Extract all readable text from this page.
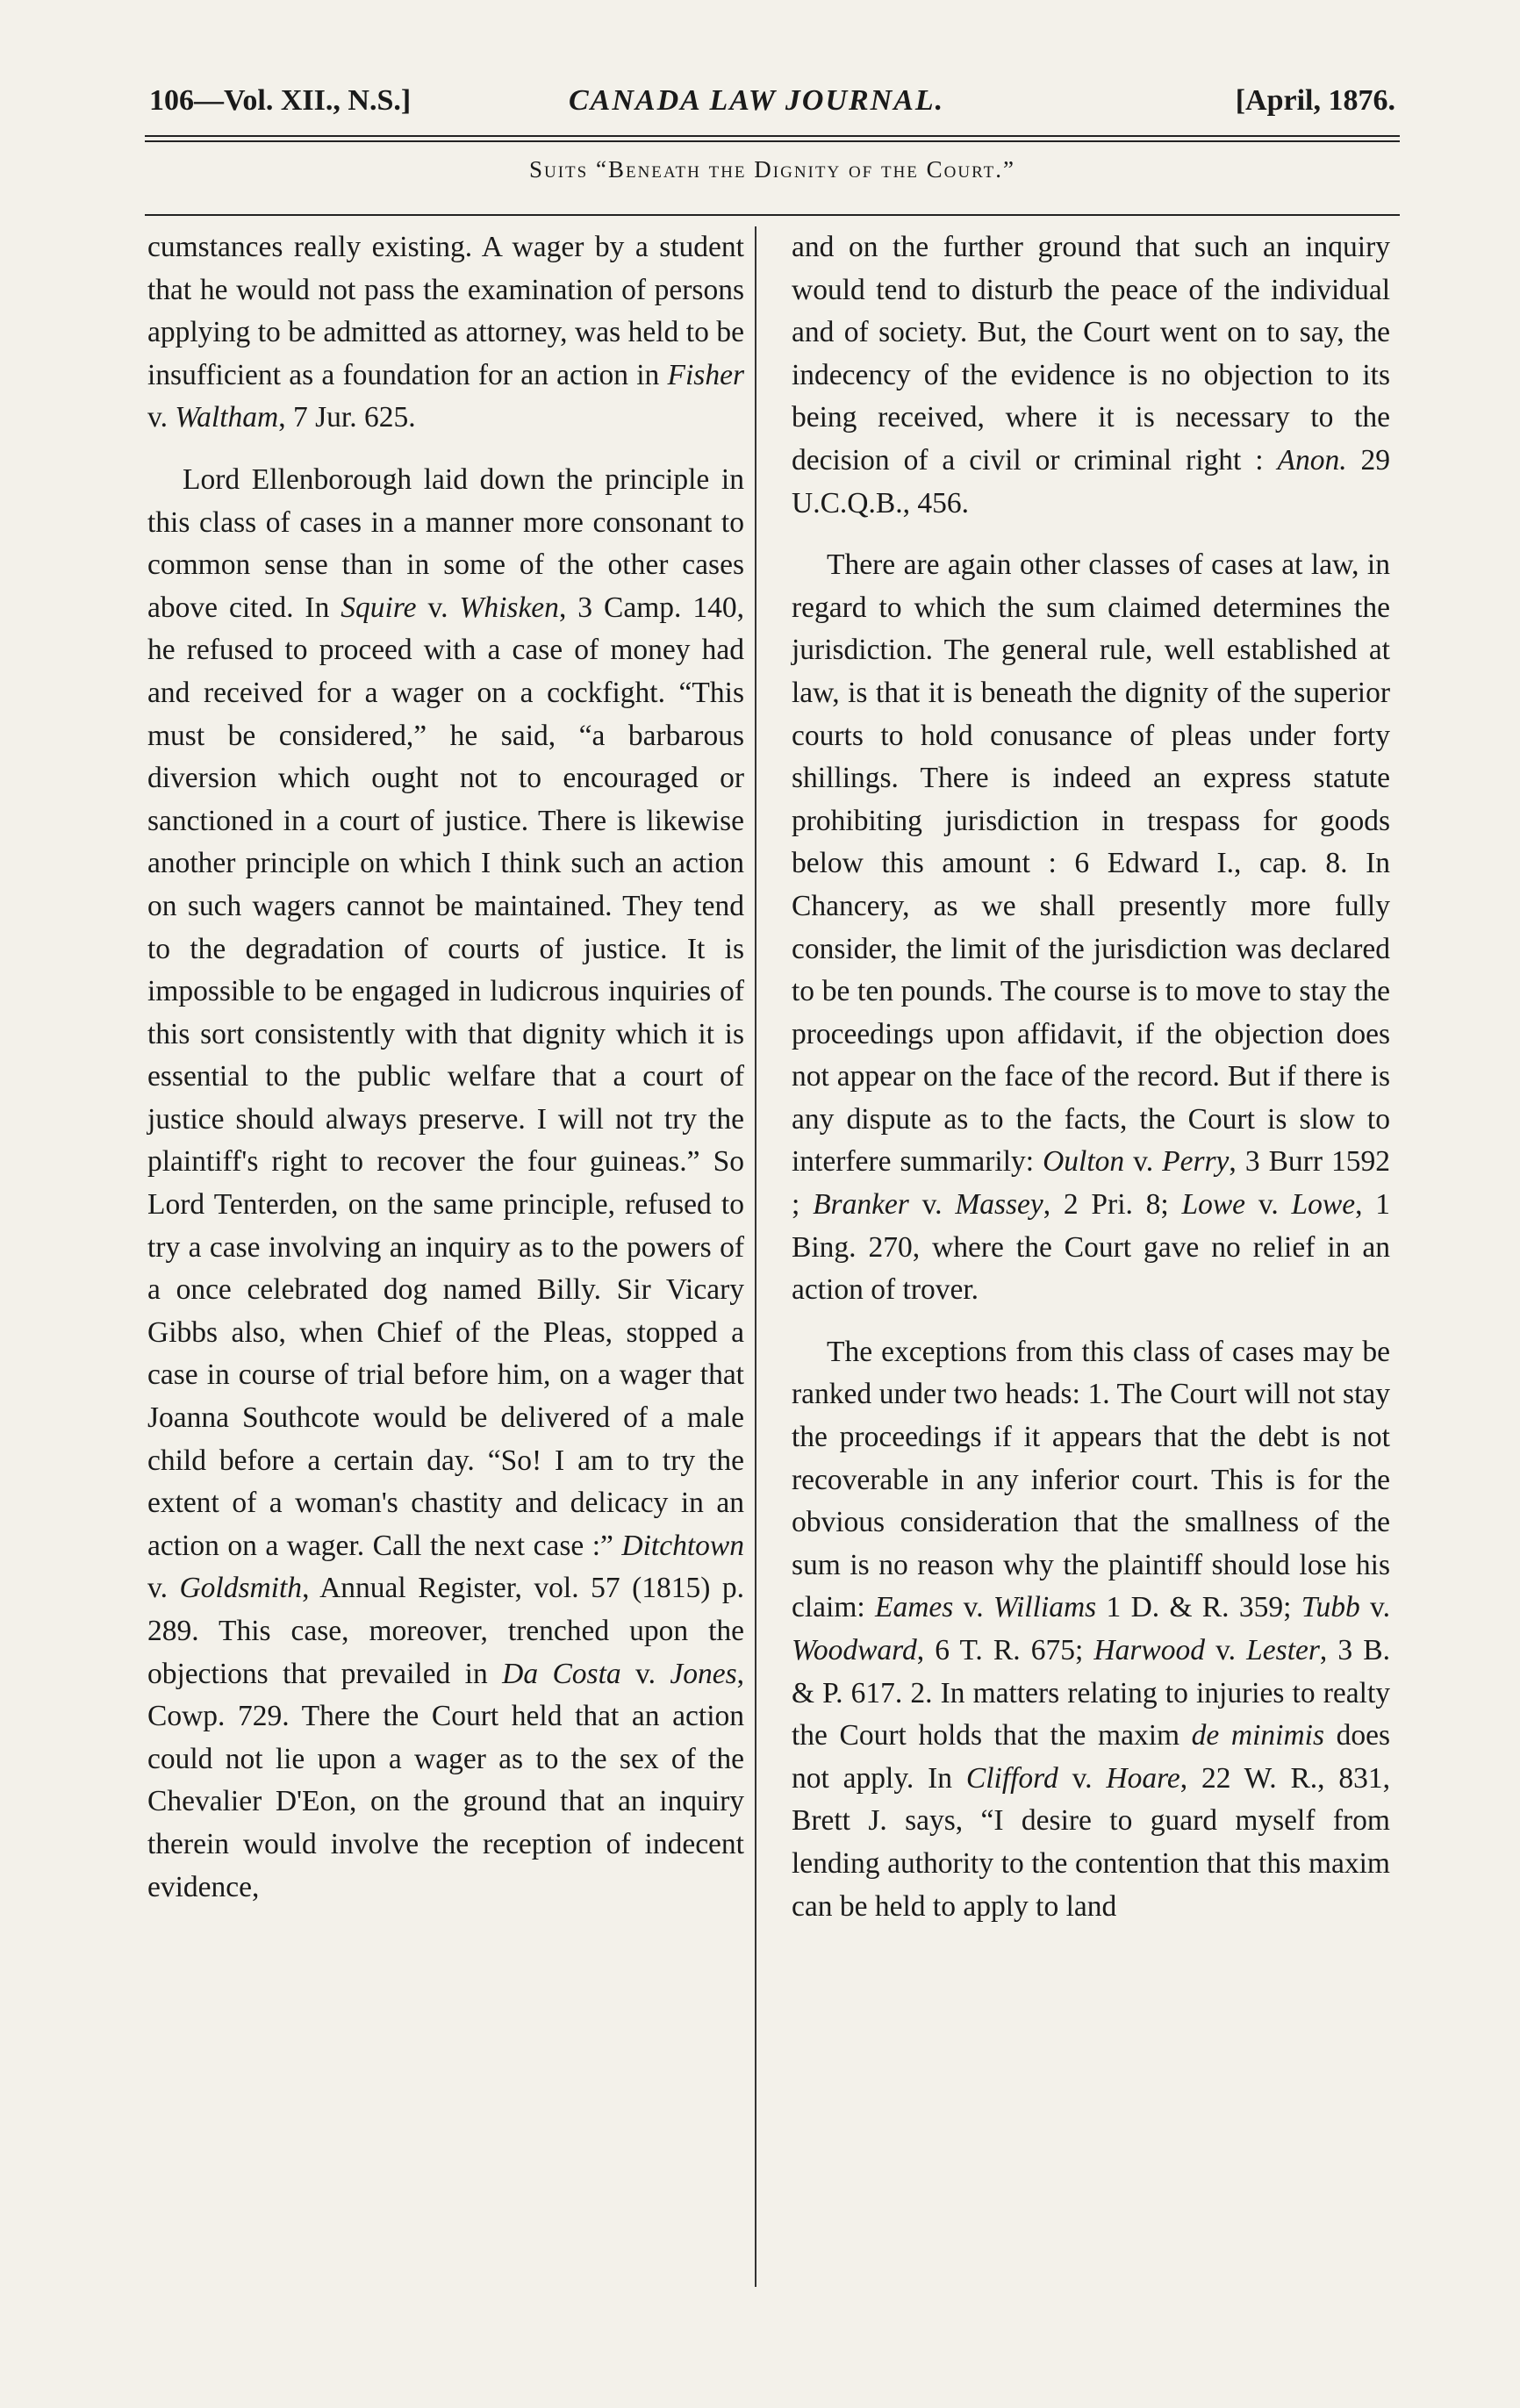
106—Vol. XII., N.S.]	CANADA LAW JOURNAL.	[April, 1876.
Suits “Beneath the Dignity of the Court.”

cumstances really existing. A wager by a student that he would not pass the examination of persons applying to be admitted as attorney, was held to be insufficient as a foundation for an action in Fisher v. Waltham, 7 Jur. 625.

Lord Ellenborough laid down the principle in this class of cases in a manner more consonant to common sense than in some of the other cases above cited. In Squire v. Whisken, 3 Camp. 140, he refused to proceed with a case of money had and received for a wager on a cockfight. “This must be considered,” he said, “a barbarous diversion which ought not to encouraged or sanctioned in a court of justice. There is likewise another principle on which I think such an action on such wagers cannot be maintained. They tend to the degradation of courts of justice. It is impossible to be engaged in ludicrous inquiries of this sort consistently with that dignity which it is essential to the public welfare that a court of justice should always preserve. I will not try the plaintiff's right to recover the four guineas.” So Lord Tenterden, on the same principle, refused to try a case involving an inquiry as to the powers of a once celebrated dog named Billy. Sir Vicary Gibbs also, when Chief of the Pleas, stopped a case in course of trial before him, on a wager that Joanna Southcote would be delivered of a male child before a certain day. “So! I am to try the extent of a woman's chastity and delicacy in an action on a wager. Call the next case :” Ditchtown v. Goldsmith, Annual Register, vol. 57 (1815) p. 289. This case, moreover, trenched upon the objections that prevailed in Da Costa v. Jones, Cowp. 729. There the Court held that an action could not lie upon a wager as to the sex of the Chevalier D'Eon, on the ground that an inquiry therein would involve the reception of indecent evidence,

and on the further ground that such an inquiry would tend to disturb the peace of the individual and of society. But, the Court went on to say, the indecency of the evidence is no objection to its being received, where it is necessary to the decision of a civil or criminal right : Anon. 29 U.C.Q.B., 456.

There are again other classes of cases at law, in regard to which the sum claimed determines the jurisdiction. The general rule, well established at law, is that it is beneath the dignity of the superior courts to hold conusance of pleas under forty shillings. There is indeed an express statute prohibiting jurisdiction in trespass for goods below this amount : 6 Edward I., cap. 8. In Chancery, as we shall presently more fully consider, the limit of the jurisdiction was declared to be ten pounds. The course is to move to stay the proceedings upon affidavit, if the objection does not appear on the face of the record. But if there is any dispute as to the facts, the Court is slow to interfere summarily: Oulton v. Perry, 3 Burr 1592 ; Branker v. Massey, 2 Pri. 8; Lowe v. Lowe, 1 Bing. 270, where the Court gave no relief in an action of trover.

The exceptions from this class of cases may be ranked under two heads: 1. The Court will not stay the proceedings if it appears that the debt is not recoverable in any inferior court. This is for the obvious consideration that the smallness of the sum is no reason why the plaintiff should lose his claim: Eames v. Williams 1 D. & R. 359; Tubb v. Woodward, 6 T. R. 675; Harwood v. Lester, 3 B. & P. 617. 2. In matters relating to injuries to realty the Court holds that the maxim de minimis does not apply. In Clifford v. Hoare, 22 W. R., 831, Brett J. says, “I desire to guard myself from lending authority to the contention that this maxim can be held to apply to land
